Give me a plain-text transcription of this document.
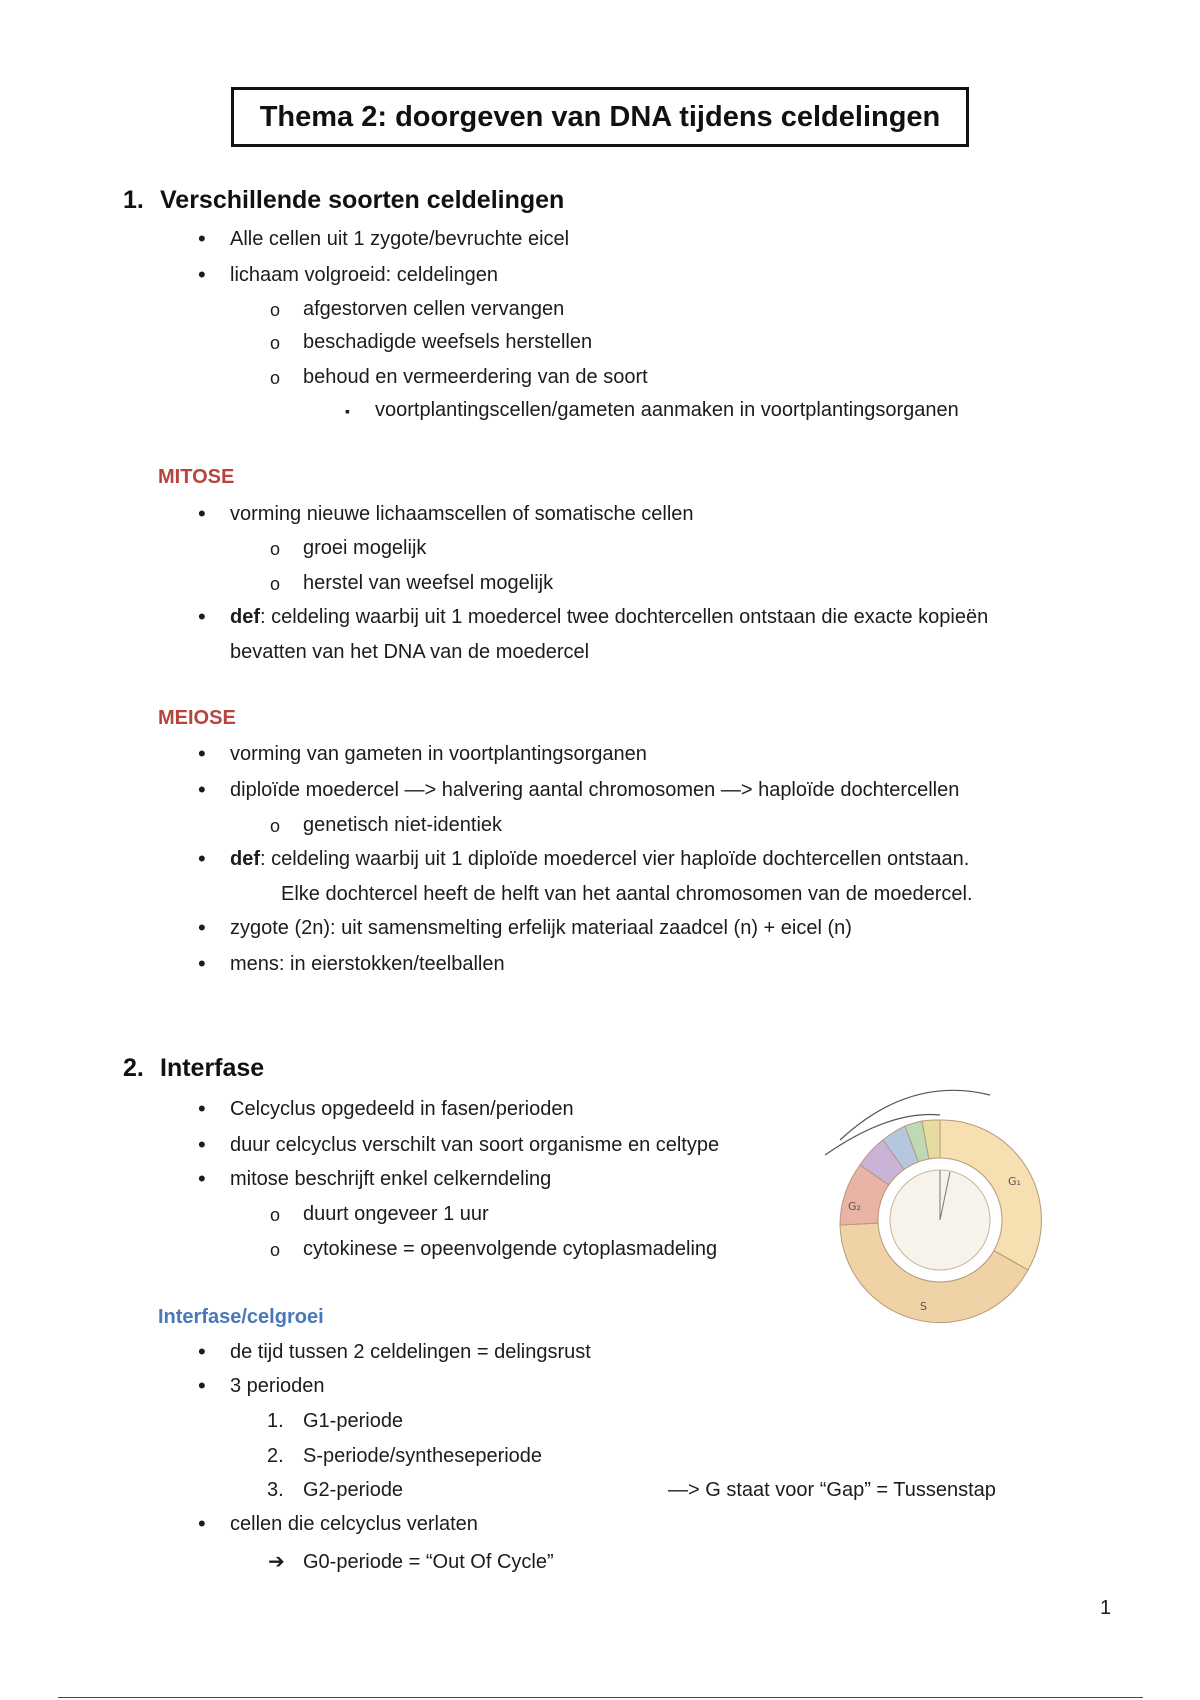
Thema 2: doorgeven van DNA tijdens celdelingen
1. Verschillende soorten celdelingen
• Alle cellen uit 1 zygote/bevruchte eicel
• lichaam volgroeid: celdelingen
o afgestorven cellen vervangen
o beschadigde weefsels herstellen
o behoud en vermeerdering van de soort
▪ voortplantingscellen/gameten aanmaken in voortplantingsorganen
MITOSE
• vorming nieuwe lichaamscellen of somatische cellen
o groei mogelijk
o herstel van weefsel mogelijk
• def: celdeling waarbij uit 1 moedercel twee dochtercellen ontstaan die exacte kopieën
bevatten van het DNA van de moedercel
MEIOSE
• vorming van gameten in voortplantingsorganen
• diploïde moedercel —> halvering aantal chromosomen —> haploïde dochtercellen
o genetisch niet-identiek
• def: celdeling waarbij uit 1 diploïde moedercel vier haploïde dochtercellen ontstaan.
Elke dochtercel heeft de helft van het aantal chromosomen van de moedercel.
• zygote (2n): uit samensmelting erfelijk materiaal zaadcel (n) + eicel (n)
• mens: in eierstokken/teelballen
2. Interfase
• Celcyclus opgedeeld in fasen/perioden
• duur celcyclus verschilt van soort organisme en celtype
• mitose beschrijft enkel celkerndeling
o duurt ongeveer 1 uur
o cytokinese = opeenvolgende cytoplasmadeling
G₁
S
G₂
Interfase/celgroei
• de tijd tussen 2 celdelingen = delingsrust
• 3 perioden
1. G1-periode
2. S-periode/syntheseperiode
3. G2-periode	—> G staat voor “Gap” = Tussenstap
• cellen die celcyclus verlaten
➔ G0-periode = “Out Of Cycle”
1
